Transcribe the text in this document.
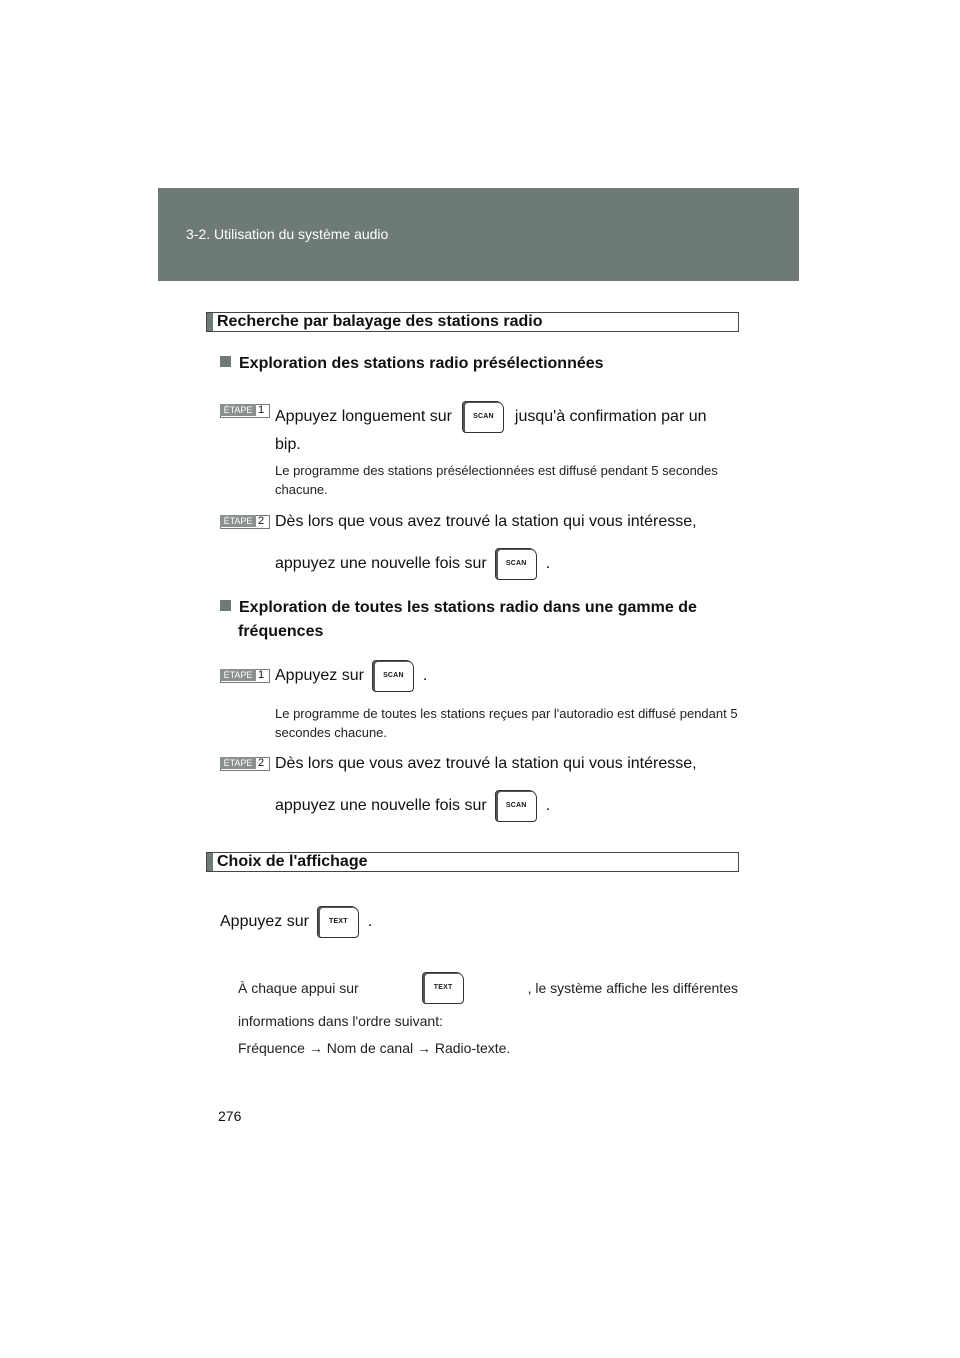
3-2. Utilisation du système audio
Recherche par balayage des stations radio
Exploration des stations radio présélectionnées
ÉTAPE 1 Appuyez longuement sur	SCAN jusqu'à confirmation par un
bip.
Le programme des stations présélectionnées est diffusé pendant 5 secondes chacune.
ÉTAPE 2 Dès lors que vous avez trouvé la station qui vous intéresse,
appuyez une nouvelle fois sur	SCAN .
Exploration de toutes les stations radio dans une gamme de
fréquences
ÉTAPE 1 Appuyez sur	SCAN .
Le programme de toutes les stations reçues par l'autoradio est diffusé pendant 5 secondes chacune.
ÉTAPE 2 Dès lors que vous avez trouvé la station qui vous intéresse,
appuyez une nouvelle fois sur	SCAN .
Choix de l'affichage
Appuyez sur	TEXT .
À chaque appui sur	TEXT	, le système affiche les différentes
informations dans l'ordre suivant:
Fréquence → Nom de canal → Radio-texte.
276
